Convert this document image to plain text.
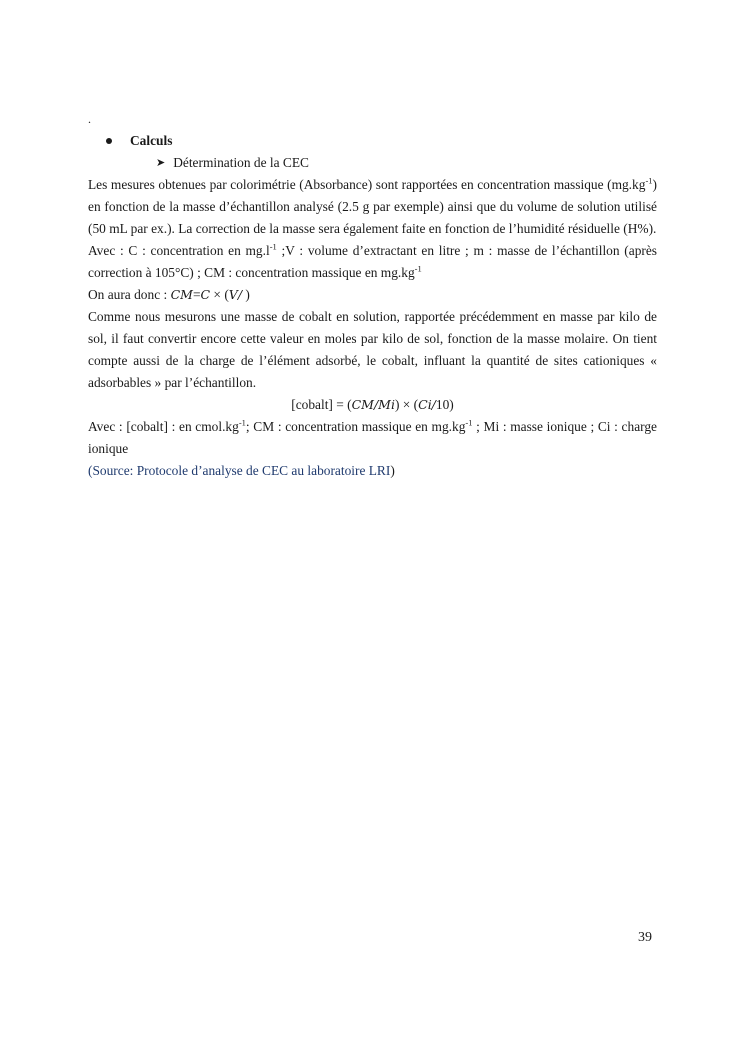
.
Calculs
➤ Détermination de la CEC
Les mesures obtenues par colorimétrie (Absorbance) sont rapportées en concentration massique $(mg.kg^{-1})$ en fonction de la masse d’échantillon analysé (2.5 g par exemple) ainsi que du volume de solution utilisé (50 mL par ex.). La correction de la masse sera également faite en fonction de l’humidité résiduelle (H%).
Avec : C : concentration en $mg.l^{-1}$ ;V : volume d’extractant en litre ; m : masse de l’échantillon (après correction à 105°C) ; CM : concentration massique en $mg.kg^{-1}$
On aura donc : CM=C × (V/ )
Comme nous mesurons une masse de cobalt en solution, rapportée précédemment en masse par kilo de sol, il faut convertir encore cette valeur en moles par kilo de sol, fonction de la masse molaire. On tient compte aussi de la charge de l’élément adsorbé, le cobalt, influant la quantité de sites cationiques « adsorbables » par l’échantillon.
[cobalt] = (CM/Mi) × (Ci/10)
Avec : [cobalt] : en $cmol.kg^{-1}$; CM : concentration massique en $mg.kg^{-1}$ ; Mi : masse ionique ; Ci : charge ionique
(Source: Protocole d’analyse de CEC au laboratoire LRI)
39
